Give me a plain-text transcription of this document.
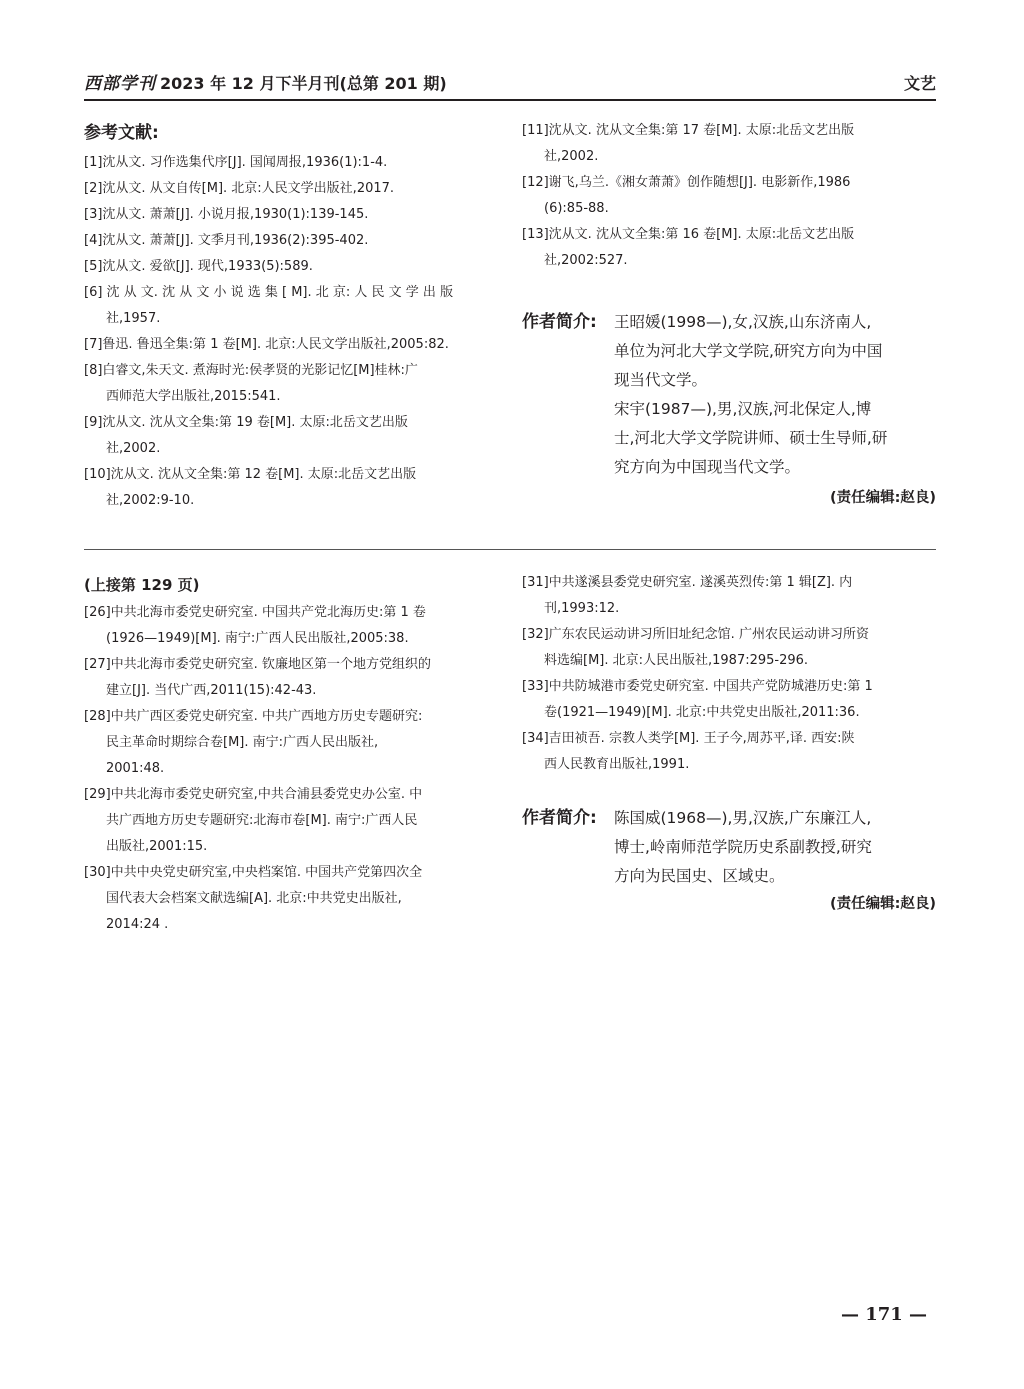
西部学刊 2023 年 12 月下半月刊(总第 201 期)	文艺

参考文献:

[1]沈从文. 习作选集代序[J]. 国闻周报,1936(1):1-4.
[2]沈从文. 从文自传[M]. 北京:人民文学出版社,2017.
[3]沈从文. 萧萧[J]. 小说月报,1930(1):139-145.
[4]沈从文. 萧萧[J]. 文季月刊,1936(2):395-402.
[5]沈从文. 爱欲[J]. 现代,1933(5):589.
[6] 沈 从 文. 沈 从 文 小 说 选 集 [ M]. 北 京: 人 民 文 学 出 版
社,1957.
[7]鲁迅. 鲁迅全集:第 1 卷[M]. 北京:人民文学出版社,2005:82.
[8]白睿文,朱天文. 煮海时光:侯孝贤的光影记忆[M]桂林:广
西师范大学出版社,2015:541.
[9]沈从文. 沈从文全集:第 19 卷[M]. 太原:北岳文艺出版
社,2002.
[10]沈从文. 沈从文全集:第 12 卷[M]. 太原:北岳文艺出版
社,2002:9-10.
[11]沈从文. 沈从文全集:第 17 卷[M]. 太原:北岳文艺出版
社,2002.
[12]谢飞,乌兰.《湘女萧萧》创作随想[J]. 电影新作,1986
(6):85-88.
[13]沈从文. 沈从文全集:第 16 卷[M]. 太原:北岳文艺出版
社,2002:527.
作者简介: 王昭媛(1998—),女,汉族,山东济南人,
单位为河北大学文学院,研究方向为中国
现当代文学。
宋宇(1987—),男,汉族,河北保定人,博
士,河北大学文学院讲师、硕士生导师,研
究方向为中国现当代文学。
(责任编辑:赵良)

(上接第 129 页)

[26]中共北海市委党史研究室. 中国共产党北海历史:第 1 卷
(1926—1949)[M]. 南宁:广西人民出版社,2005:38.
[27]中共北海市委党史研究室. 钦廉地区第一个地方党组织的
建立[J]. 当代广西,2011(15):42-43.
[28]中共广西区委党史研究室. 中共广西地方历史专题研究:
民主革命时期综合卷[M]. 南宁:广西人民出版社,
2001:48.
[29]中共北海市委党史研究室,中共合浦县委党史办公室. 中
共广西地方历史专题研究:北海市卷[M]. 南宁:广西人民
出版社,2001:15.
[30]中共中央党史研究室,中央档案馆. 中国共产党第四次全
国代表大会档案文献选编[A]. 北京:中共党史出版社,
2014:24 .
[31]中共遂溪县委党史研究室. 遂溪英烈传:第 1 辑[Z]. 内
刊,1993:12.
[32]广东农民运动讲习所旧址纪念馆. 广州农民运动讲习所资
料选编[M]. 北京:人民出版社,1987:295-296.
[33]中共防城港市委党史研究室. 中国共产党防城港历史:第 1
卷(1921—1949)[M]. 北京:中共党史出版社,2011:36.
[34]吉田祯吾. 宗教人类学[M]. 王子今,周苏平,译. 西安:陕
西人民教育出版社,1991.
作者简介: 陈国威(1968—),男,汉族,广东廉江人,
博士,岭南师范学院历史系副教授,研究
方向为民国史、区域史。
(责任编辑:赵良)
— 171 —
